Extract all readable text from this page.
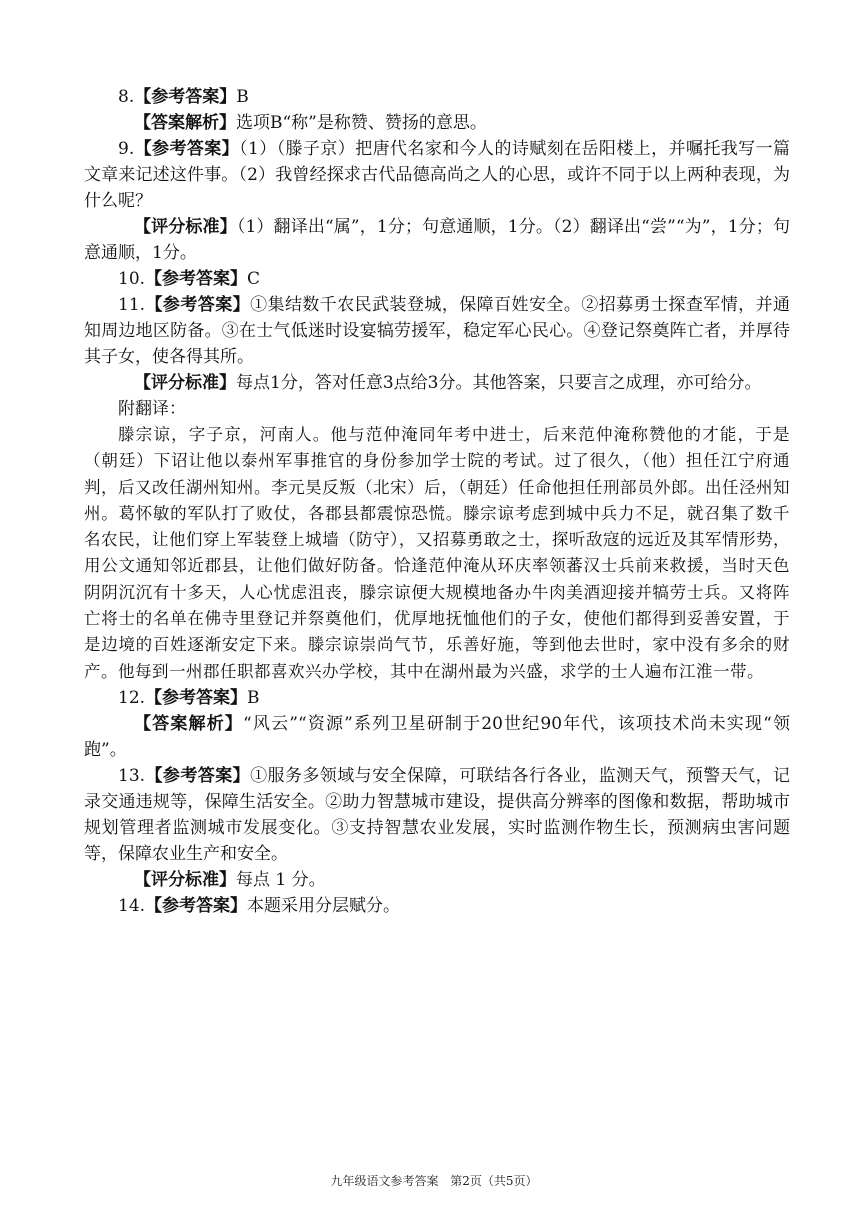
8.【参考答案】B

【答案解析】选项B“称”是称赞、赞扬的意思。

9.【参考答案】（1）（滕子京）把唐代名家和今人的诗赋刻在岳阳楼上，并嘱托我写一篇文章来记述这件事。（2）我曾经探求古代品德高尚之人的心思，或许不同于以上两种表现，为什么呢？

【评分标准】（1）翻译出“属”，1分；句意通顺，1分。（2）翻译出“尝”“为”，1分；句意通顺，1分。

10.【参考答案】C

11.【参考答案】①集结数千农民武装登城，保障百姓安全。②招募勇士探查军情，并通知周边地区防备。③在士气低迷时设宴犒劳援军，稳定军心民心。④登记祭奠阵亡者，并厚待其子女，使各得其所。

【评分标准】每点1分，答对任意3点给3分。其他答案，只要言之成理，亦可给分。

附翻译：

滕宗谅，字子京，河南人。他与范仲淹同年考中进士，后来范仲淹称赞他的才能，于是（朝廷）下诏让他以泰州军事推官的身份参加学士院的考试。过了很久，（他）担任江宁府通判，后又改任湖州知州。李元昊反叛（北宋）后，（朝廷）任命他担任刑部员外郎。出任泾州知州。葛怀敏的军队打了败仗，各郡县都震惊恐慌。滕宗谅考虑到城中兵力不足，就召集了数千名农民，让他们穿上军装登上城墙（防守），又招募勇敢之士，探听敌寇的远近及其军情形势，用公文通知邻近郡县，让他们做好防备。恰逢范仲淹从环庆率领蕃汉士兵前来救援，当时天色阴阴沉沉有十多天，人心忧虑沮丧，滕宗谅便大规模地备办牛肉美酒迎接并犒劳士兵。又将阵亡将士的名单在佛寺里登记并祭奠他们，优厚地抚恤他们的子女，使他们都得到妥善安置，于是边境的百姓逐渐安定下来。滕宗谅崇尚气节，乐善好施，等到他去世时，家中没有多余的财产。他每到一州郡任职都喜欢兴办学校，其中在湖州最为兴盛，求学的士人遍布江淮一带。

12.【参考答案】B

【答案解析】“风云”“资源”系列卫星研制于20世纪90年代，该项技术尚未实现“领跑”。

13.【参考答案】①服务多领域与安全保障，可联结各行各业，监测天气，预警天气，记录交通违规等，保障生活安全。②助力智慧城市建设，提供高分辨率的图像和数据，帮助城市规划管理者监测城市发展变化。③支持智慧农业发展，实时监测作物生长，预测病虫害问题等，保障农业生产和安全。

【评分标准】每点 1 分。

14.【参考答案】本题采用分层赋分。

九年级语文参考答案 第2页（共5页）
